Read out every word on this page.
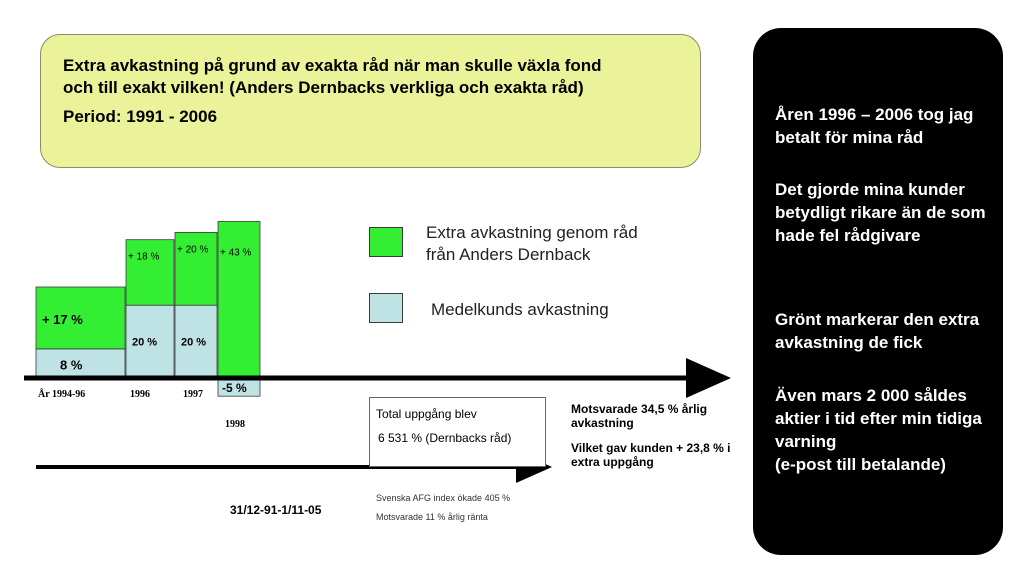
Extra avkastning på grund av exakta råd när man skulle växla fond
och till exakt vilken! (Anders Dernbacks verkliga och exakta råd)
Period: 1991 - 2006
+ 17 %
8 %
+ 18 %
20 %
+ 20 %
20 %
+ 43 %
-5 %
År 1994-96	1996	1997
1998
Extra avkastning genom råd
från Anders Dernback
Medelkunds avkastning
Total uppgång blev
6 531 % (Dernbacks råd)
Motsvarade 34,5 % årlig
avkastning
Vilket gav kunden + 23,8 % i
extra uppgång
31/12-91-1/11-05
Svenska AFG index ökade 405 %
Motsvarade 11 % årlig ränta

Åren 1996 – 2006 tog jag betalt för mina råd

Det gjorde mina kunder betydligt rikare än de som hade fel rådgivare

Grönt markerar den extra avkastning de fick

Även mars 2 000 såldes aktier i tid efter min tidiga varning

(e-post till betalande)
